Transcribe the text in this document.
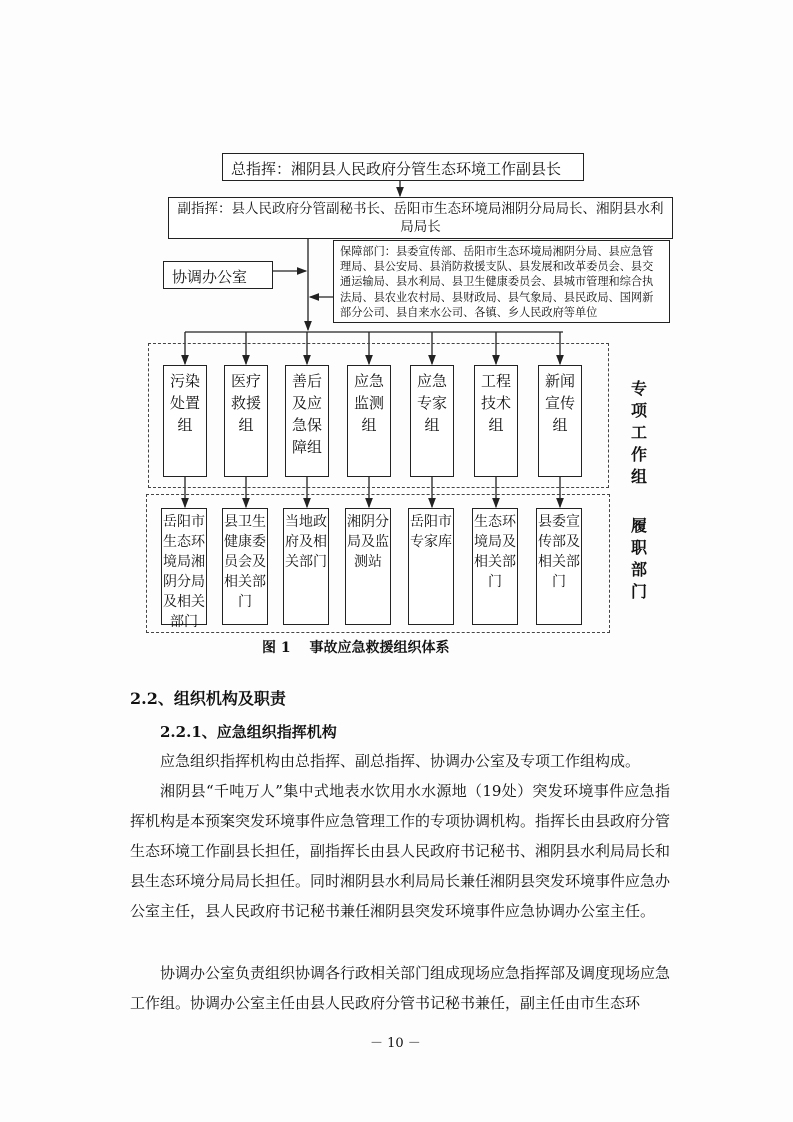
总指挥：湘阴县人民政府分管生态环境工作副县长
副指挥：县人民政府分管副秘书长、岳阳市生态环境局湘阴分局局长、湘阴县水利局局长
协调办公室
保障部门：县委宣传部、岳阳市生态环境局湘阴分局、县应急管理局、县公安局、县消防救援支队、县发展和改革委员会、县交通运输局、县水利局、县卫生健康委员会、县城市管理和综合执法局、县农业农村局、县财政局、县气象局、县民政局、国网新部分公司、县自来水公司、各镇、乡人民政府等单位
专项工作组
履职部门
污染处置组
医疗救援组
善后及应急保障组
应急监测组
应急专家组
工程技术组
新闻宣传组
岳阳市生态环境局湘阴分局及相关部门
县卫生健康委员会及相关部门
当地政府及相关部门
湘阴分局及监测站
岳阳市专家库
生态环境局及相关部门
县委宣传部及相关部门
图 1　 事故应急救援组织体系
2.2、组织机构及职责
2.2.1、应急组织指挥机构
应急组织指挥机构由总指挥、副总指挥、协调办公室及专项工作组构成。
湘阴县“千吨万人”集中式地表水饮用水水源地（19处）突发环境事件应急指挥机构是本预案突发环境事件应急管理工作的专项协调机构。指挥长由县政府分管生态环境工作副县长担任，副指挥长由县人民政府书记秘书、湘阴县水利局局长和县生态环境分局局长担任。同时湘阴县水利局局长兼任湘阴县突发环境事件应急办公室主任，县人民政府书记秘书兼任湘阴县突发环境事件应急协调办公室主任。
协调办公室负责组织协调各行政相关部门组成现场应急指挥部及调度现场应急工作组。协调办公室主任由县人民政府分管书记秘书兼任，副主任由市生态环
－ 10 －
